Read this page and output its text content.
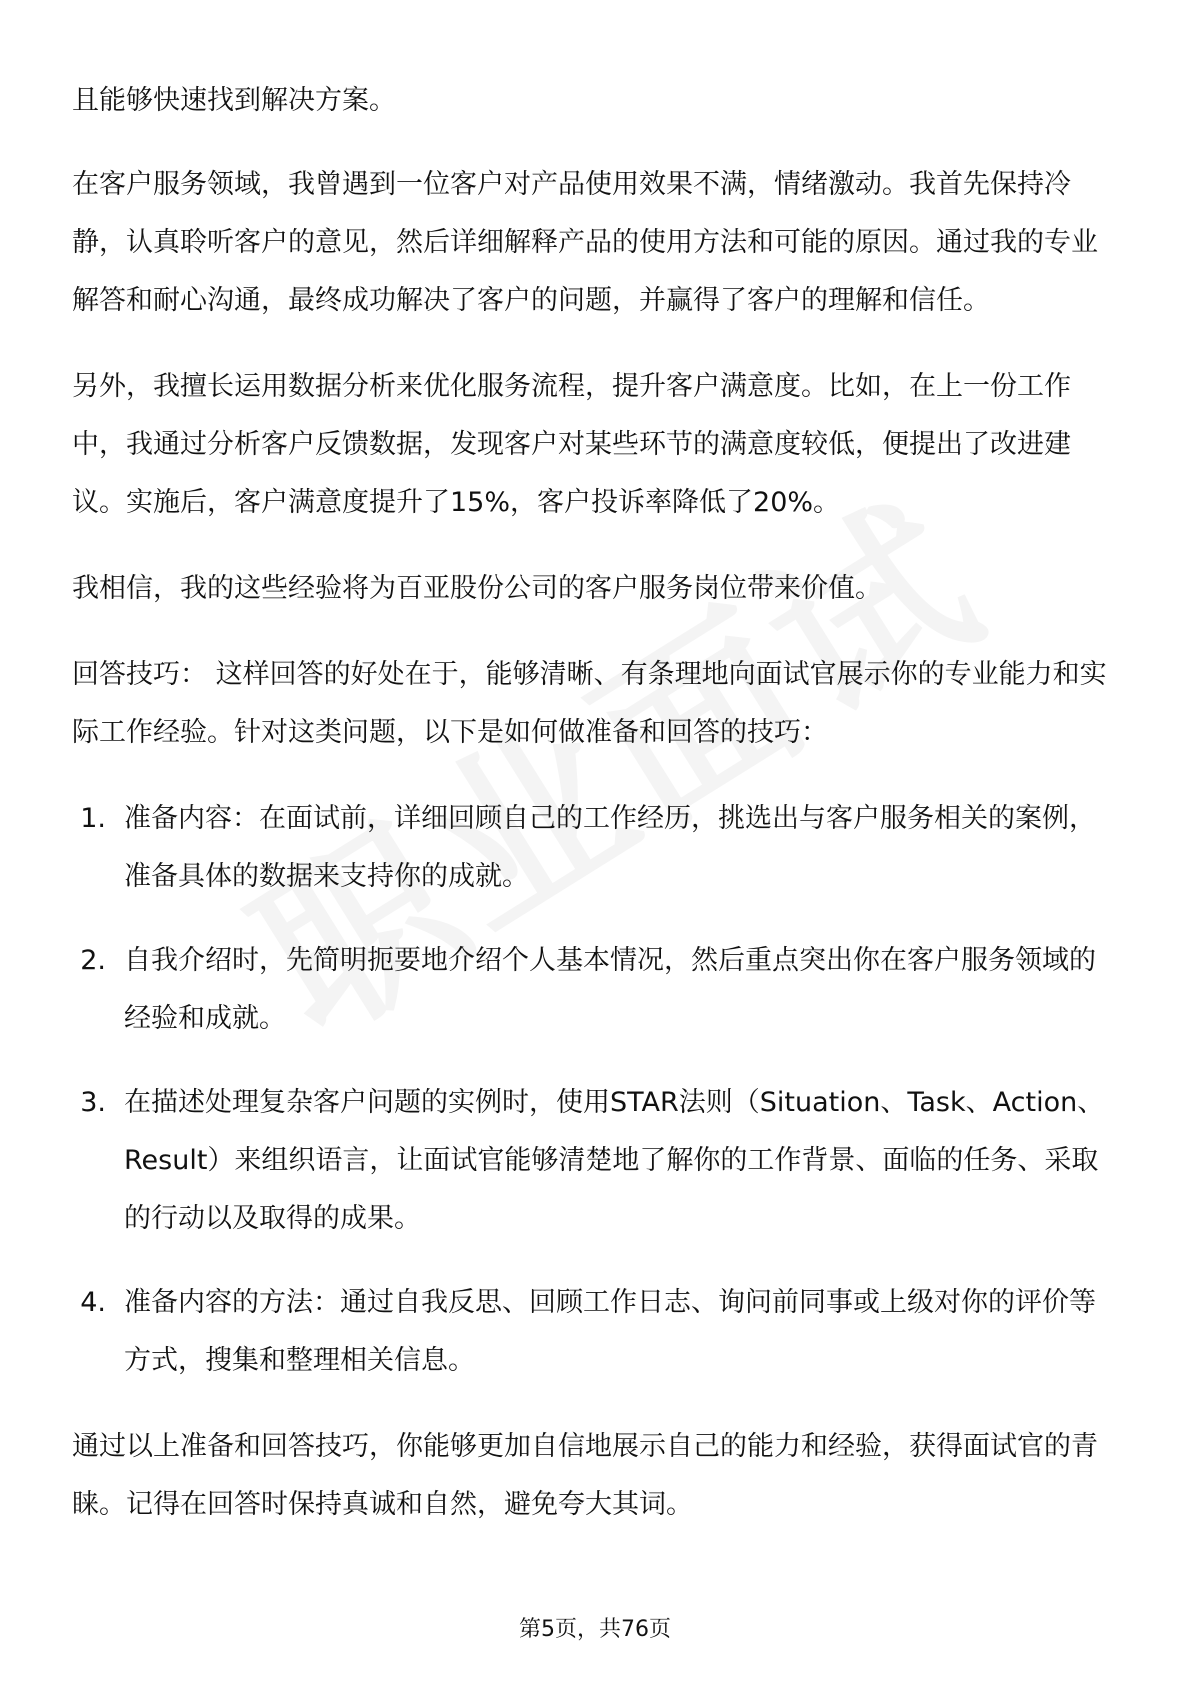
且能够快速找到解决方案。

在客户服务领域，我曾遇到一位客户对产品使用效果不满，情绪激动。我首先保持冷静，认真聆听客户的意见，然后详细解释产品的使用方法和可能的原因。通过我的专业解答和耐心沟通，最终成功解决了客户的问题，并赢得了客户的理解和信任。

另外，我擅长运用数据分析来优化服务流程，提升客户满意度。比如，在上一份工作中，我通过分析客户反馈数据，发现客户对某些环节的满意度较低，便提出了改进建议。实施后，客户满意度提升了15%，客户投诉率降低了20%。

我相信，我的这些经验将为百亚股份公司的客户服务岗位带来价值。

回答技巧： 这样回答的好处在于，能够清晰、有条理地向面试官展示你的专业能力和实际工作经验。针对这类问题，以下是如何做准备和回答的技巧：

1. 准备内容：在面试前，详细回顾自己的工作经历，挑选出与客户服务相关的案例，准备具体的数据来支持你的成就。
2. 自我介绍时，先简明扼要地介绍个人基本情况，然后重点突出你在客户服务领域的经验和成就。
3. 在描述处理复杂客户问题的实例时，使用STAR法则（Situation、Task、Action、Result）来组织语言，让面试官能够清楚地了解你的工作背景、面临的任务、采取的行动以及取得的成果。
4. 准备内容的方法：通过自我反思、回顾工作日志、询问前同事或上级对你的评价等方式，搜集和整理相关信息。

通过以上准备和回答技巧，你能够更加自信地展示自己的能力和经验，获得面试官的青睐。记得在回答时保持真诚和自然，避免夸大其词。

第5页，共76页
